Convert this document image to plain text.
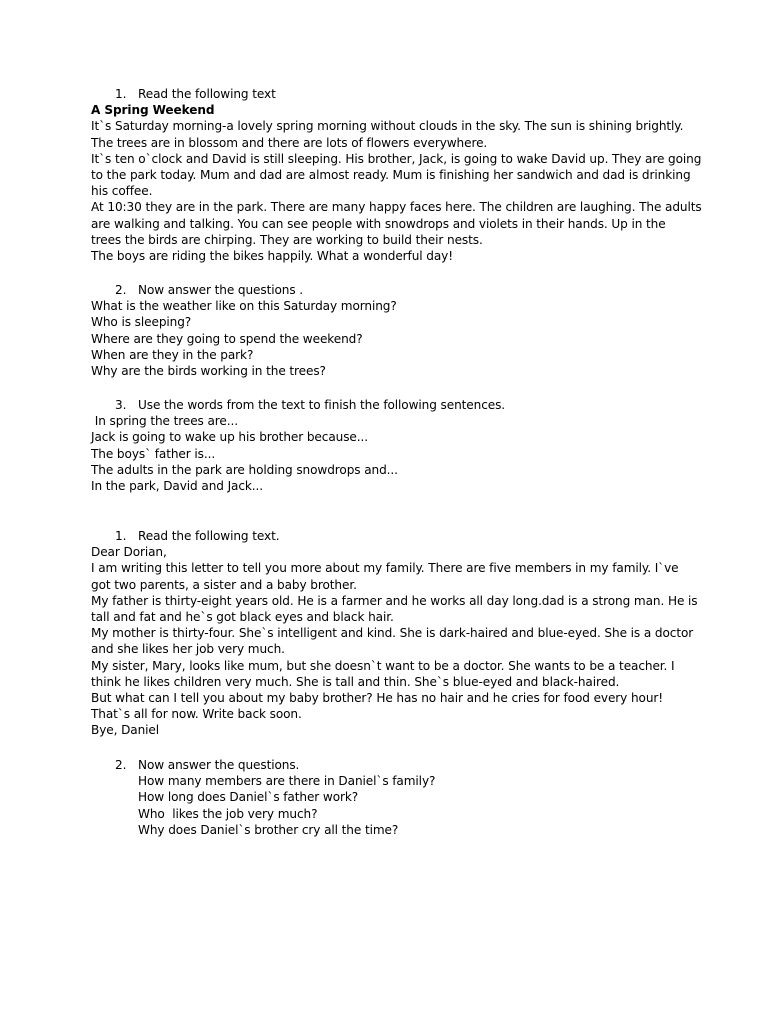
1. Read the following text
A Spring Weekend
It`s Saturday morning-a lovely spring morning without clouds in the sky. The sun is shining brightly.
The trees are in blossom and there are lots of flowers everywhere.
It`s ten o`clock and David is still sleeping. His brother, Jack, is going to wake David up. They are going
to the park today. Mum and dad are almost ready. Mum is finishing her sandwich and dad is drinking
his coffee.
At 10:30 they are in the park. There are many happy faces here. The children are laughing. The adults
are walking and talking. You can see people with snowdrops and violets in their hands. Up in the
trees the birds are chirping. They are working to build their nests.
The boys are riding the bikes happily. What a wonderful day!
2. Now answer the questions .
What is the weather like on this Saturday morning?
Who is sleeping?
Where are they going to spend the weekend?
When are they in the park?
Why are the birds working in the trees?
3. Use the words from the text to finish the following sentences.
In spring the trees are...
Jack is going to wake up his brother because...
The boys` father is...
The adults in the park are holding snowdrops and...
In the park, David and Jack...
1. Read the following text.
Dear Dorian,
I am writing this letter to tell you more about my family. There are five members in my family. I`ve
got two parents, a sister and a baby brother.
My father is thirty-eight years old. He is a farmer and he works all day long.dad is a strong man. He is
tall and fat and he`s got black eyes and black hair.
My mother is thirty-four. She`s intelligent and kind. She is dark-haired and blue-eyed. She is a doctor
and she likes her job very much.
My sister, Mary, looks like mum, but she doesn`t want to be a doctor. She wants to be a teacher. I
think he likes children very much. She is tall and thin. She`s blue-eyed and black-haired.
But what can I tell you about my baby brother? He has no hair and he cries for food every hour!
That`s all for now. Write back soon.
Bye, Daniel
2. Now answer the questions.
How many members are there in Daniel`s family?
How long does Daniel`s father work?
Who  likes the job very much?
Why does Daniel`s brother cry all the time?
